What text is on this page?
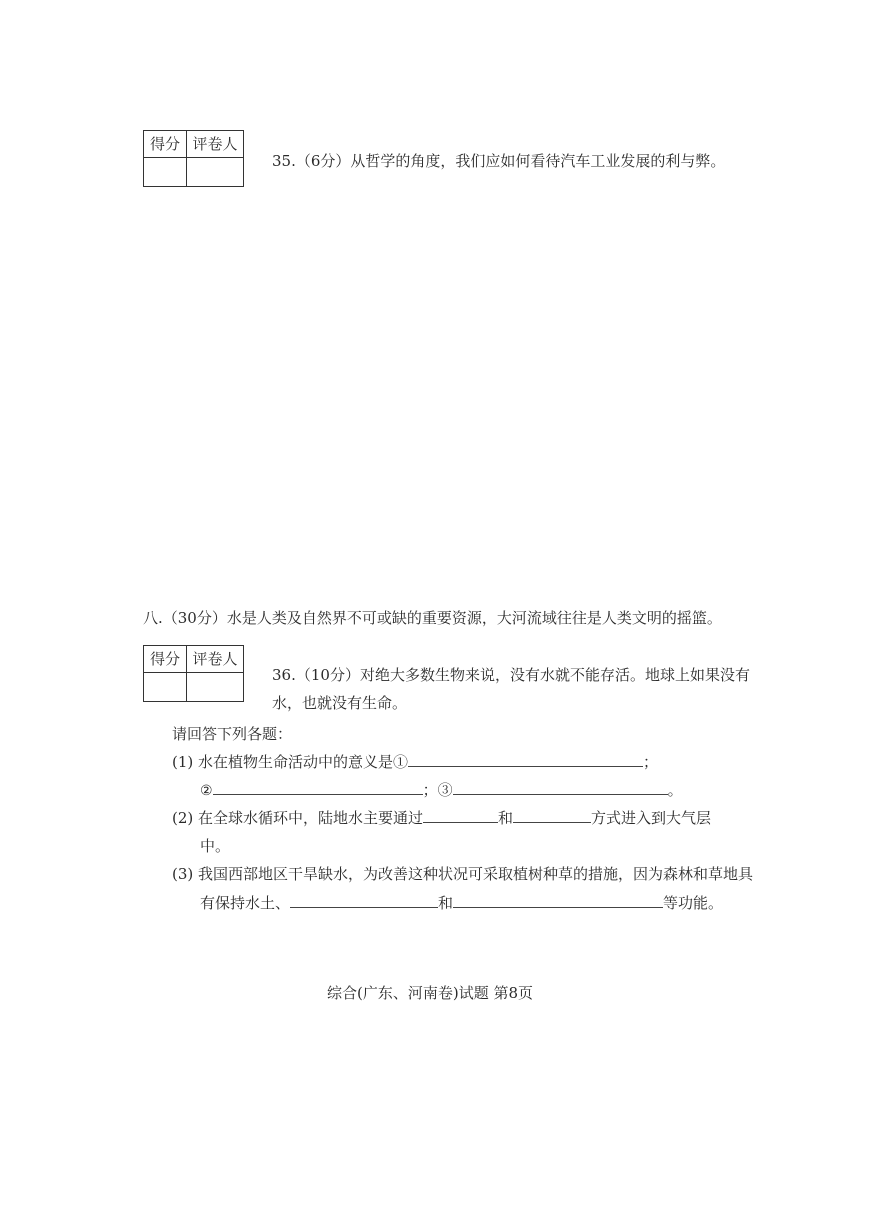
得分	评卷人

35.（6分）从哲学的角度，我们应如何看待汽车工业发展的利与弊。
八.（30分）水是人类及自然界不可或缺的重要资源，大河流域往往是人类文明的摇篮。
得分	评卷人

36.（10分）对绝大多数生物来说，没有水就不能存活。地球上如果没有
水，也就没有生命。
请回答下列各题：
(1) 水在植物生命活动中的意义是①	；
②	；③	。
(2) 在全球水循环中，陆地水主要通过	和	方式进入到大气层
中。
(3) 我国西部地区干旱缺水，为改善这种状况可采取植树种草的措施，因为森林和草地具
有保持水土、	和	等功能。
综合(广东、河南卷)试题 第8页
